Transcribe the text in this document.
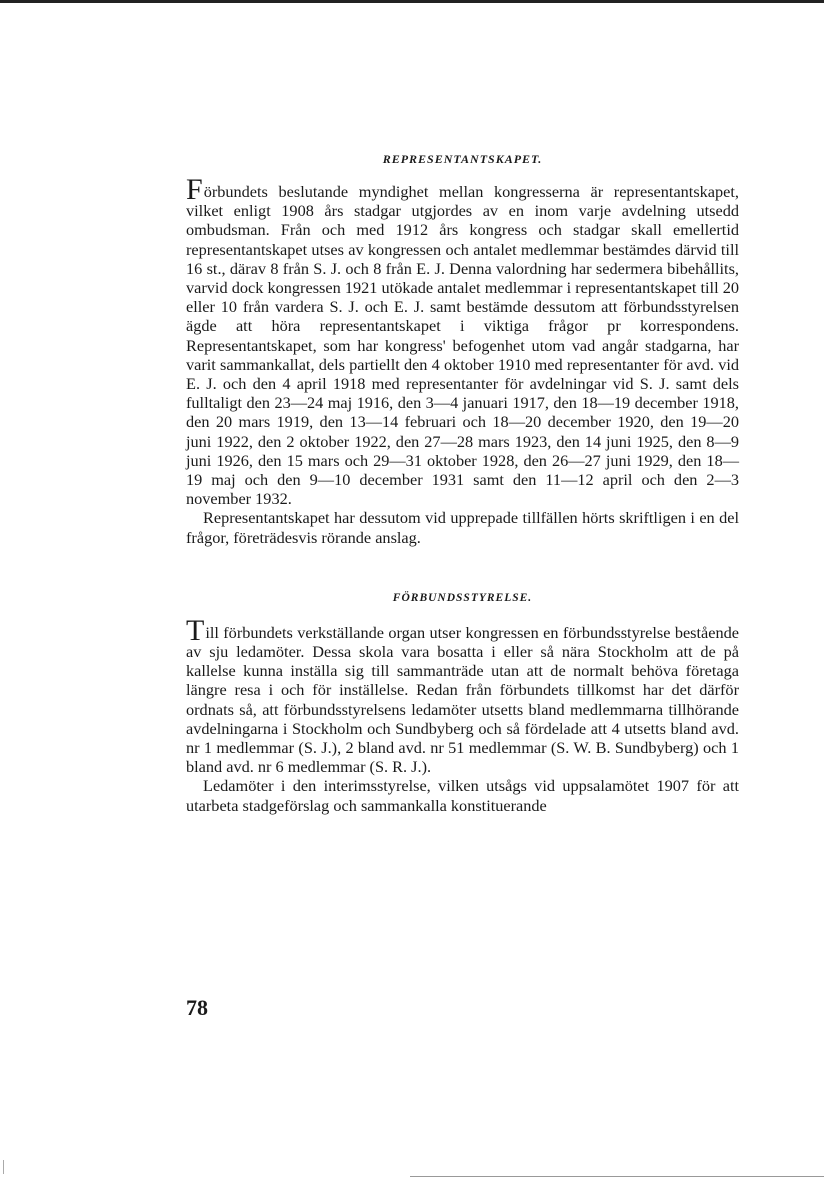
REPRESENTANTSKAPET.

Förbundets beslutande myndighet mellan kongresserna är representantskapet, vilket enligt 1908 års stadgar utgjordes av en inom varje avdelning utsedd ombudsman. Från och med 1912 års kongress och stadgar skall emellertid representantskapet utses av kongressen och antalet medlemmar bestämdes därvid till 16 st., därav 8 från S. J. och 8 från E. J. Denna valordning har sedermera bibehållits, varvid dock kongressen 1921 utökade antalet medlemmar i representantskapet till 20 eller 10 från vardera S. J. och E. J. samt bestämde dessutom att förbundsstyrelsen ägde att höra representantskapet i viktiga frågor pr korrespondens. Representantskapet, som har kongress' befogenhet utom vad angår stadgarna, har varit sammankallat, dels partiellt den 4 oktober 1910 med representanter för avd. vid E. J. och den 4 april 1918 med representanter för avdelningar vid S. J. samt dels fulltaligt den 23—24 maj 1916, den 3—4 januari 1917, den 18—19 december 1918, den 20 mars 1919, den 13—14 februari och 18—20 december 1920, den 19—20 juni 1922, den 2 oktober 1922, den 27—28 mars 1923, den 14 juni 1925, den 8—9 juni 1926, den 15 mars och 29—31 oktober 1928, den 26—27 juni 1929, den 18—19 maj och den 9—10 december 1931 samt den 11—12 april och den 2—3 november 1932.

Representantskapet har dessutom vid upprepade tillfällen hörts skriftligen i en del frågor, företrädesvis rörande anslag.

FÖRBUNDSSTYRELSE.

Till förbundets verkställande organ utser kongressen en förbundsstyrelse bestående av sju ledamöter. Dessa skola vara bosatta i eller så nära Stockholm att de på kallelse kunna inställa sig till sammanträde utan att de normalt behöva företaga längre resa i och för inställelse. Redan från förbundets tillkomst har det därför ordnats så, att förbundsstyrelsens ledamöter utsetts bland medlemmarna tillhörande avdelningarna i Stockholm och Sundbyberg och så fördelade att 4 utsetts bland avd. nr 1 medlemmar (S. J.), 2 bland avd. nr 51 medlemmar (S. W. B. Sundbyberg) och 1 bland avd. nr 6 medlemmar (S. R. J.).

Ledamöter i den interimsstyrelse, vilken utsågs vid uppsalamötet 1907 för att utarbeta stadgeförslag och sammankalla konstituerande

78
